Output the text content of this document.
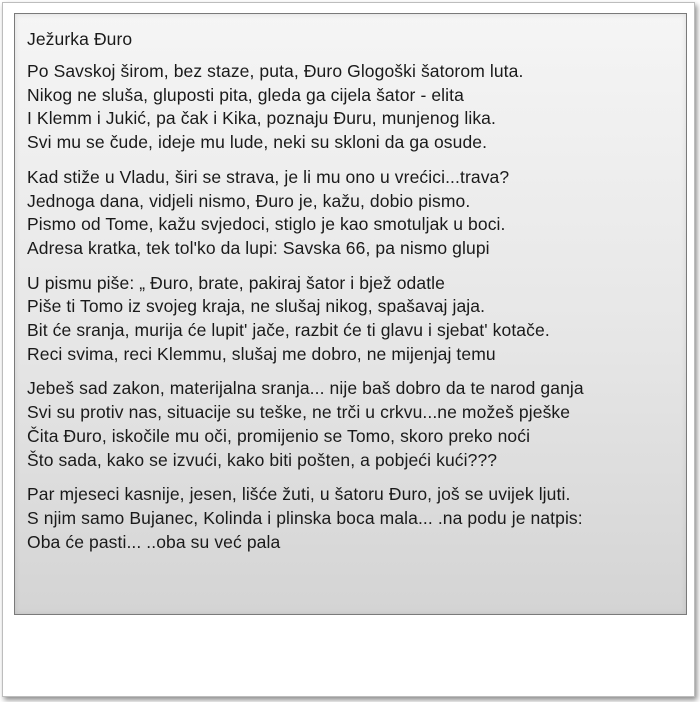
Ježurka Đuro
Po Savskoj širom, bez staze, puta, Đuro Glogoški šatorom luta.
Nikog ne sluša, gluposti pita, gleda ga cijela šator - elita
I Klemm i Jukić, pa čak i Kika, poznaju Đuru, munjenog lika.
Svi mu se čude, ideje mu lude, neki su skloni da ga osude.
Kad stiže u Vladu, širi se strava, je li mu ono u vrećici...trava?
Jednoga dana, vidjeli nismo, Đuro je, kažu, dobio pismo.
Pismo od Tome, kažu svjedoci, stiglo je kao smotuljak u boci.
Adresa kratka, tek tol'ko da lupi: Savska 66, pa nismo glupi
U pismu piše: „ Đuro, brate, pakiraj šator i bjež odatle
Piše ti Tomo iz svojeg kraja, ne slušaj nikog, spašavaj jaja.
Bit će sranja, murija će lupit' jače, razbit će ti glavu i sjebat' kotače.
Reci svima, reci Klemmu, slušaj me dobro, ne mijenjaj temu
Jebeš sad zakon, materijalna sranja... nije baš dobro da te narod ganja
Svi su protiv nas, situacije su teške, ne trči u crkvu...ne možeš pješke
Čita Đuro, iskočile mu oči, promijenio se Tomo, skoro preko noći
Što sada, kako se izvući, kako biti pošten, a pobjeći kući???
Par mjeseci kasnije, jesen, lišće žuti, u šatoru Đuro, još se uvijek ljuti.
S njim samo Bujanec, Kolinda i plinska boca mala... .na podu je natpis:
Oba će pasti... ..oba su već pala
